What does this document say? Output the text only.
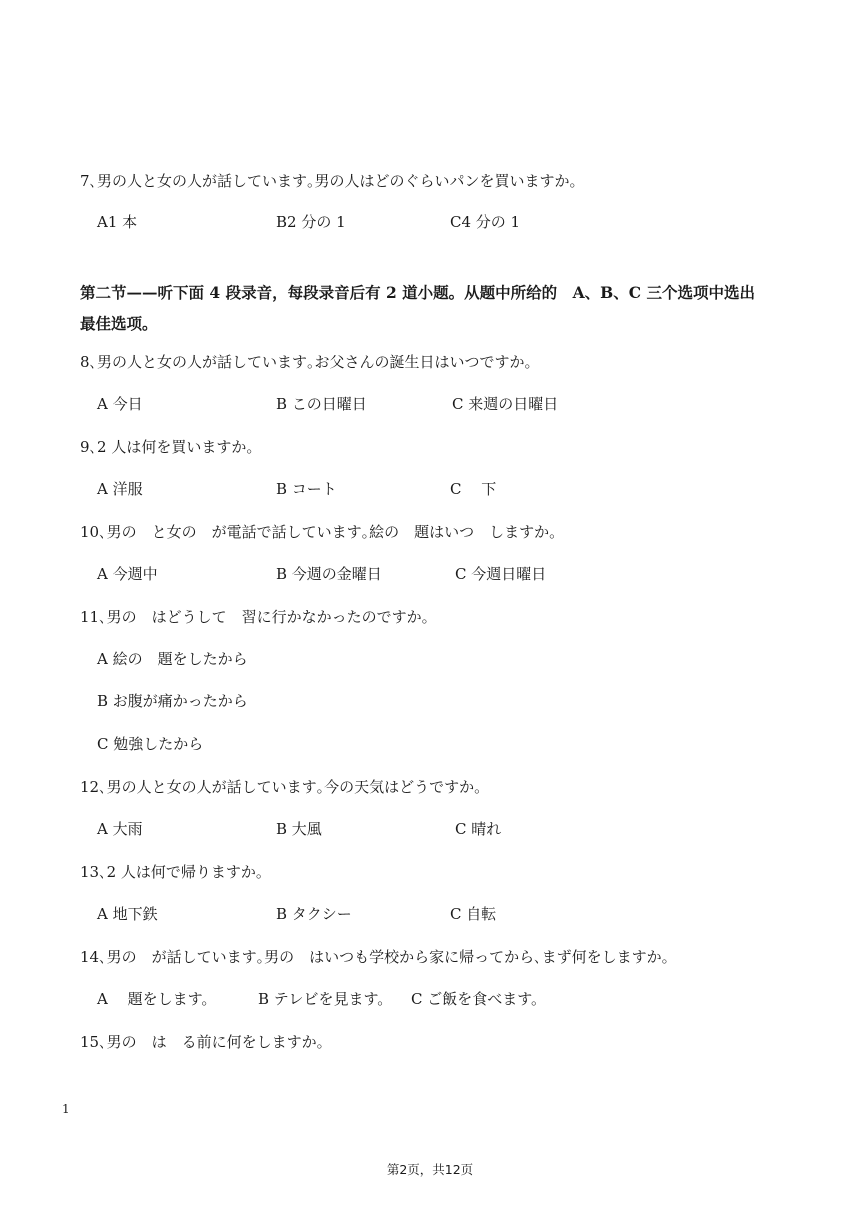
7､男の人と女の人が話しています｡男の人はどのぐらいパンを買いますか｡
A1 本	B2 分の 1	C4 分の 1
第二节——听下面 4 段录音，每段录音后有 2 道小题。从题中所给的　A、B、C 三个选项中选出
最佳选项。
8､男の人と女の人が話しています｡お父さんの誕生日はいつですか｡
A 今日	B この日曜日	C 来週の日曜日
9､2 人は何を買いますか｡
A 洋服	B コート	C　 下
10､男の　と女の　が電話で話しています｡絵の　題はいつ　しますか｡
A 今週中	B 今週の金曜日	C 今週日曜日
11､男の　はどうして　習に行かなかったのですか｡
A 絵の　題をしたから
B お腹が痛かったから
C 勉強したから
12､男の人と女の人が話しています｡今の天気はどうですか｡
A 大雨	B 大風	C 晴れ
13､2 人は何で帰りますか｡
A 地下鉄	B タクシー	C 自転
14､男の　が話しています｡男の　はいつも学校から家に帰ってから､まず何をしますか｡
A　 題をします。	B テレビを見ます。 C ご飯を食べます。
15､男の　は　る前に何をしますか｡
1
第2页，共12页
